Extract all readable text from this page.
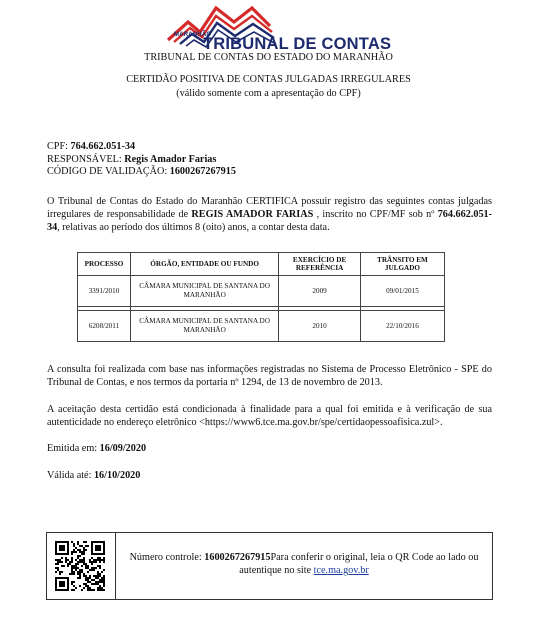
MARANHÃO
TRIBUNAL DE CONTAS
TRIBUNAL DE CONTAS DO ESTADO DO MARANHÃO
CERTIDÃO POSITIVA DE CONTAS JULGADAS IRREGULARES
(válido somente com a apresentação do CPF)
CPF: 764.662.051-34
RESPONSÁVEL: Regis Amador Farias
CÓDIGO DE VALIDAÇÃO: 1600267267915
O Tribunal de Contas do Estado do Maranhão CERTIFICA possuir registro das seguintes contas julgadas irregulares de responsabilidade de REGIS AMADOR FARIAS , inscrito no CPF/MF sob nº 764.662.051-34, relativas ao período dos últimos 8 (oito) anos, a contar desta data.
PROCESSO	ÓRGÃO, ENTIDADE OU FUNDO	EXERCÍCIO DE REFERÊNCIA	TRÂNSITO EM JULGADO
3391/2010	CÂMARA MUNICIPAL DE SANTANA DO MARANHÃO	2009	09/01/2015

6208/2011	CÂMARA MUNICIPAL DE SANTANA DO MARANHÃO	2010	22/10/2016
A consulta foi realizada com base nas informações registradas no Sistema de Processo Eletrônico - SPE do Tribunal de Contas, e nos termos da portaria nº 1294, de 13 de novembro de 2013.
A aceitação desta certidão está condicionada à finalidade para a qual foi emitida e à verificação de sua autenticidade no endereço eletrônico <https://www6.tce.ma.gov.br/spe/certidaopessoafisica.zul>.
Emitida em: 16/09/2020
Válida até: 16/10/2020
Número controle: 1600267267915Para conferir o original, leia o QR Code ao lado ou autentique no site tce.ma.gov.br
